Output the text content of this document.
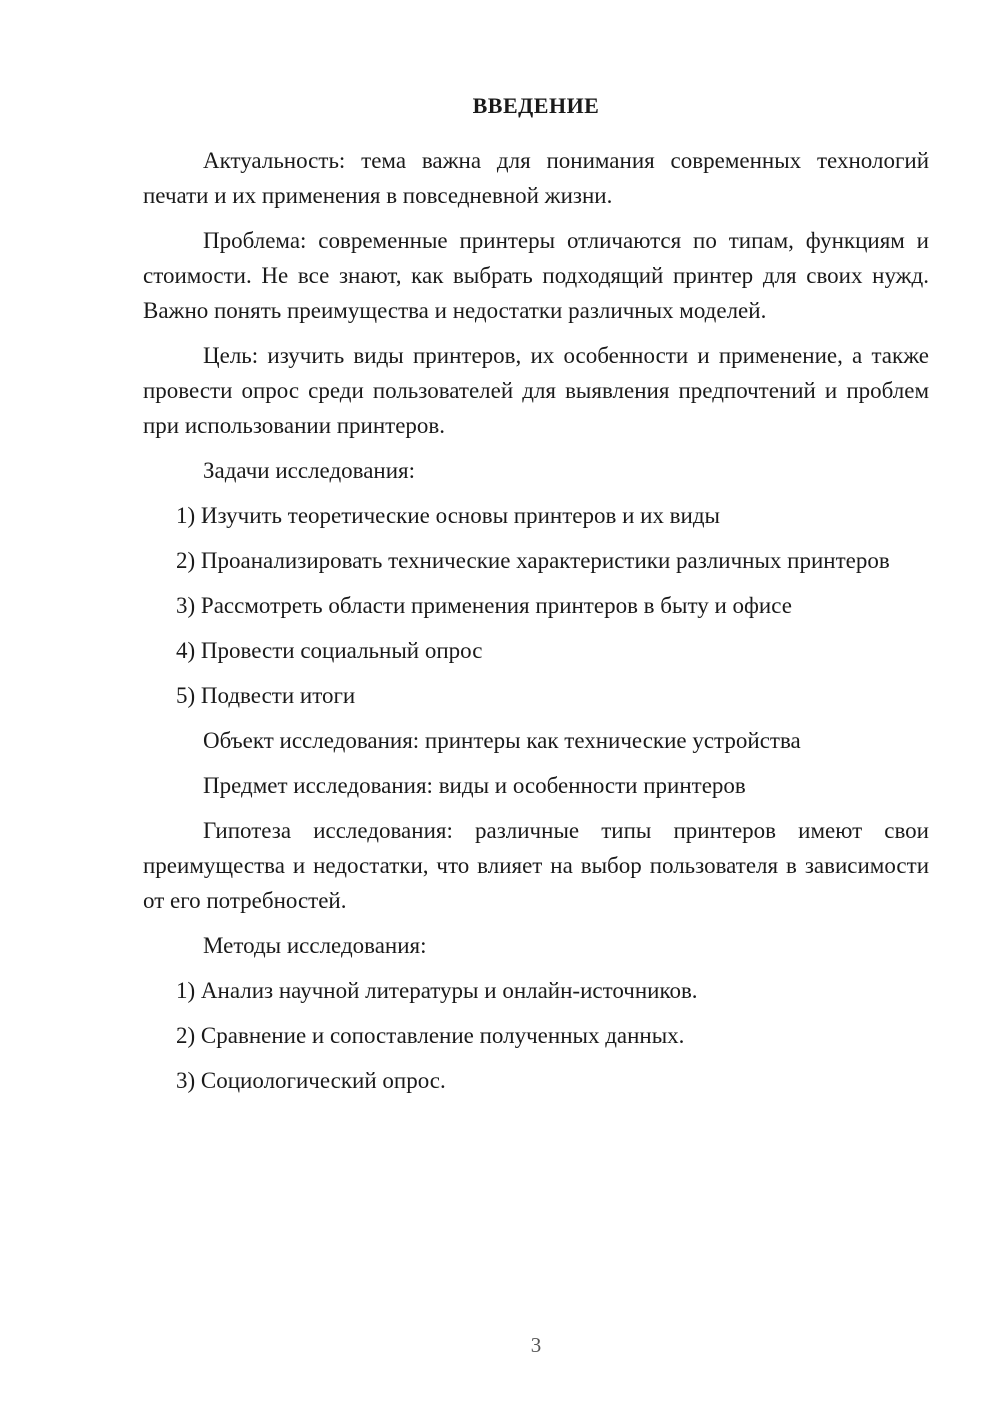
ВВЕДЕНИЕ

Актуальность: тема важна для понимания современных технологий печати и их применения в повседневной жизни.

Проблема: современные принтеры отличаются по типам, функциям и стоимости. Не все знают, как выбрать подходящий принтер для своих нужд. Важно понять преимущества и недостатки различных моделей.

Цель: изучить виды принтеров, их особенности и применение, а также провести опрос среди пользователей для выявления предпочтений и проблем при использовании принтеров.

Задачи исследования:

1) Изучить теоретические основы принтеров и их виды

2) Проанализировать технические характеристики различных принтеров

3) Рассмотреть области применения принтеров в быту и офисе

4) Провести социальный опрос

5) Подвести итоги

Объект исследования: принтеры как технические устройства

Предмет исследования: виды и особенности принтеров

Гипотеза исследования: различные типы принтеров имеют свои преимущества и недостатки, что влияет на выбор пользователя в зависимости от его потребностей.

Методы исследования:

1) Анализ научной литературы и онлайн-источников.

2) Сравнение и сопоставление полученных данных.

3) Социологический опрос.

3
